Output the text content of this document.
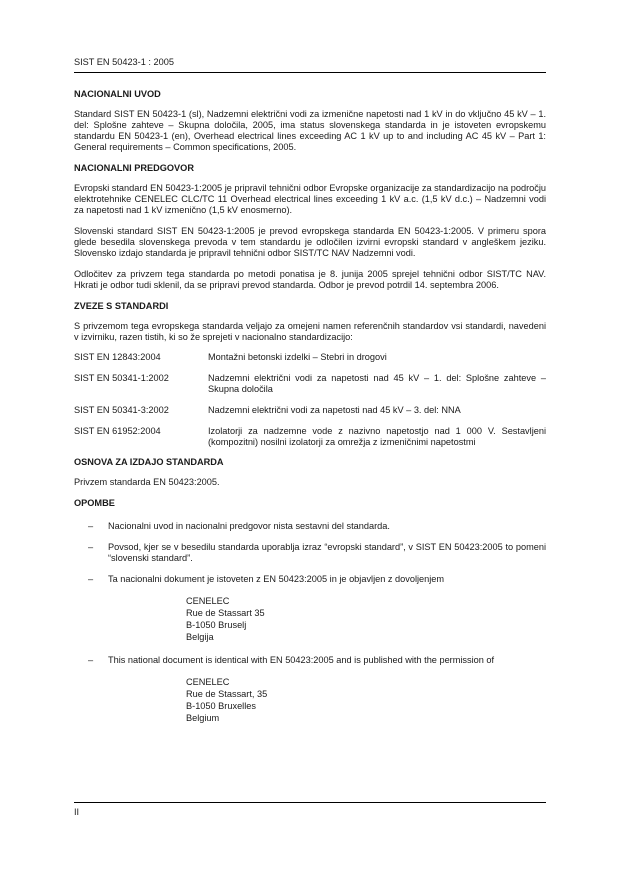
SIST EN 50423-1 : 2005
NACIONALNI UVOD

Standard SIST EN 50423-1 (sl), Nadzemni električni vodi za izmenične napetosti nad 1 kV in do vključno 45 kV – 1. del: Splošne zahteve – Skupna določila, 2005, ima status slovenskega standarda in je istoveten evropskemu standardu EN 50423-1 (en), Overhead electrical lines exceeding AC 1 kV up to and including AC 45 kV – Part 1: General requirements – Common specifications, 2005.

NACIONALNI PREDGOVOR

Evropski standard EN 50423-1:2005 je pripravil tehnični odbor Evropske organizacije za standardizacijo na področju elektrotehnike CENELEC CLC/TC 11 Overhead electrical lines exceeding 1 kV a.c. (1,5 kV d.c.) – Nadzemni vodi za napetosti nad 1 kV izmenično (1,5 kV enosmerno).

Slovenski standard SIST EN 50423-1:2005 je prevod evropskega standarda EN 50423-1:2005. V primeru spora glede besedila slovenskega prevoda v tem standardu je odločilen izvirni evropski standard v angleškem jeziku. Slovensko izdajo standarda je pripravil tehnični odbor SIST/TC NAV Nadzemni vodi.

Odločitev za privzem tega standarda po metodi ponatisa je 8. junija 2005 sprejel tehnični odbor SIST/TC NAV. Hkrati je odbor tudi sklenil, da se pripravi prevod standarda. Odbor je prevod potrdil 14. septembra 2006.

ZVEZE S STANDARDI

S privzemom tega evropskega standarda veljajo za omejeni namen referenčnih standardov vsi standardi, navedeni v izvirniku, razen tistih, ki so že sprejeti v nacionalno standardizacijo:

SIST EN 12843:2004	Montažni betonski izdelki – Stebri in drogovi
SIST EN 50341-1:2002	Nadzemni električni vodi za napetosti nad 45 kV – 1. del: Splošne zahteve – Skupna določila
SIST EN 50341-3:2002	Nadzemni električni vodi za napetosti nad 45 kV – 3. del: NNA
SIST EN 61952:2004	Izolatorji za nadzemne vode z nazivno napetostjo nad 1 000 V. Sestavljeni (kompozitni) nosilni izolatorji za omrežja z izmeničnimi napetostmi
OSNOVA ZA IZDAJO STANDARDA

Privzem standarda EN 50423:2005.

OPOMBE
–	Nacionalni uvod in nacionalni predgovor nista sestavni del standarda.
–	Povsod, kjer se v besedilu standarda uporablja izraz “evropski standard”, v SIST EN 50423:2005 to pomeni “slovenski standard”.
–	Ta nacionalni dokument je istoveten z EN 50423:2005 in je objavljen z dovoljenjem
CENELEC
Rue de Stassart 35
B-1050 Bruselj
Belgija
–	This national document is identical with EN 50423:2005 and is published with the permission of
CENELEC
Rue de Stassart, 35
B-1050 Bruxelles
Belgium
II
